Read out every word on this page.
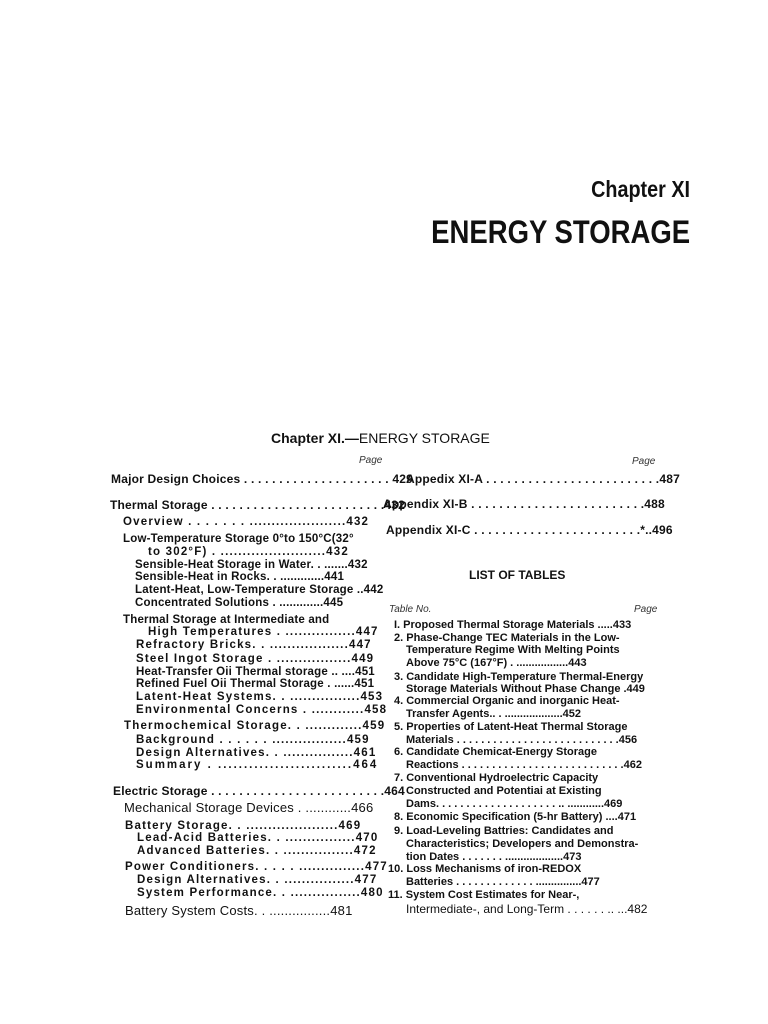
Chapter XI
ENERGY STORAGE
Chapter XI.—ENERGY STORAGE
Page	Page
Major Design Choices . . . . . . . . . . . . . . . . . . . . . 429
Thermal Storage . . . . . . . . . . . . . . . . . . . . . . . . .432
Overview . . . . . . . ......................432
Low-Temperature Storage 0°to 150°C(32°
to 302°F) . ........................432
Sensible-Heat Storage in Water. . .......432
Sensible-Heat in Rocks. . .............441
Latent-Heat, Low-Temperature Storage ..442
Concentrated Solutions . .............445
Thermal Storage at Intermediate and
High Temperatures . ................447
Refractory Bricks. . ..................447
Steel Ingot Storage . .................449
Heat-Transfer Oii Thermal storage .. ....451
Refined Fuel Oii Thermal Storage . ......451
Latent-Heat Systems. . ................453
Environmental Concerns . ............458
Thermochemical Storage. . .............459
Background . . . . . . .................459
Design Alternatives. . ................461
Summary . ..........................464
Electric Storage . . . . . . . . . . . . . . . . . . . . . . . . .464
Mechanical Storage Devices . ............466
Battery Storage. . .....................469
Lead-Acid Batteries. . ................470
Advanced Batteries. . ................472
Power Conditioners. . . . . ...............477
Design Alternatives. . ................477
System Performance. . ................480
Battery System Costs. . ................481
Appedix XI-A . . . . . . . . . . . . . . . . . . . . . . . . .487
Appendix XI-B . . . . . . . . . . . . . . . . . . . . . . . . .488
Appendix XI-C . . . . . . . . . . . . . . . . . . . . . . . .*..496
LIST OF TABLES
Table No.	Page
I. Proposed Thermal Storage Materials .....433
2. Phase-Change TEC Materials in the Low-
Temperature Regime With Melting Points
Above 75°C (167°F) . .................443
3. Candidate High-Temperature Thermal-Energy
Storage Materials Without Phase Change .449
4. Commercial Organic and inorganic Heat-
Transfer Agents.. . ...................452
5. Properties of Latent-Heat Thermal Storage
Materials . . . . . . . . . . . . . . . . . . . . . . . . . . .456
6. Candidate Chemicat-Energy Storage
Reactions . . . . . . . . . . . . . . . . . . . . . . . . . . .462
7. Conventional Hydroelectric Capacity
Constructed and Potentiai at Existing
Dams. . . . . . . . . . . . . . . . . . . . .. ............469
8. Economic Specification (5-hr Battery) ....471
9. Load-Leveling Battries: Candidates and
Characteristics; Developers and Demonstra-
tion Dates . . . . . . . ...................473
10. Loss Mechanisms of iron-REDOX
Batteries . . . . . . . . . . . . . ...............477
11. System Cost Estimates for Near-,
Intermediate-, and Long-Term . . . . . . .. ...482
